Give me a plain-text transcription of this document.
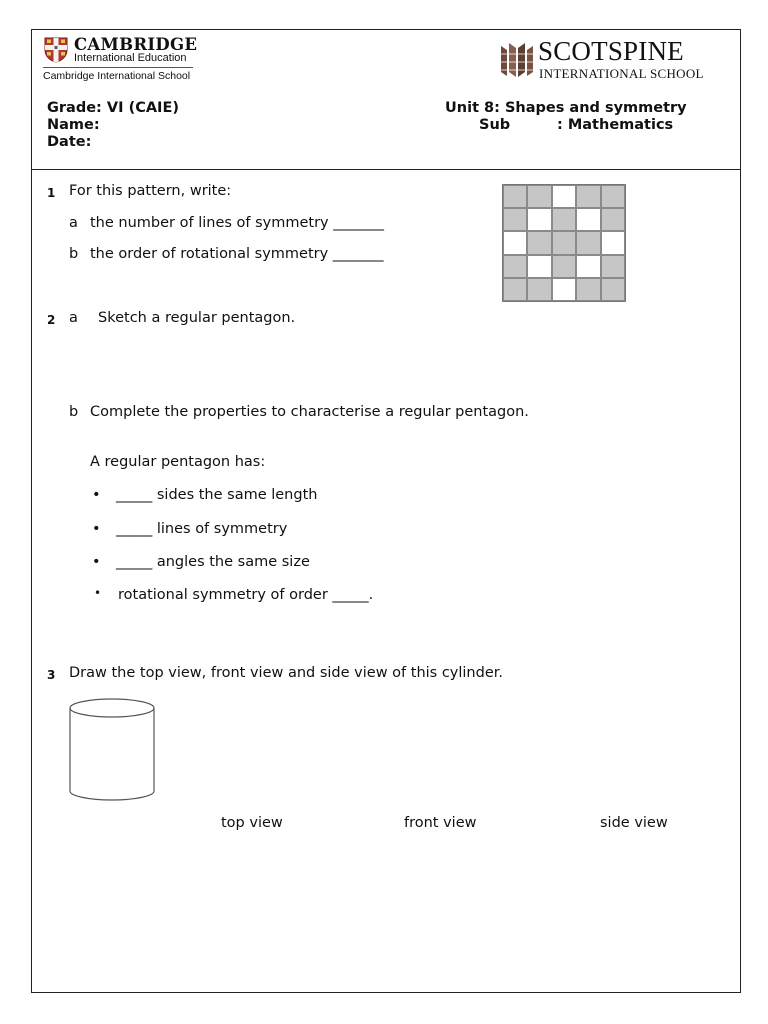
CAMBRIDGE
International Education
Cambridge International School
SCOTSPINE
INTERNATIONAL SCHOOL
Grade: VI (CAIE)
Name:
Date:
Unit 8: Shapes and symmetry
Sub	: Mathematics
1 For this pattern, write:
a the number of lines of symmetry _______
b the order of rotational symmetry _______
2 a Sketch a regular pentagon.
b Complete the properties to characterise a regular pentagon.
A regular pentagon has:
• _____ sides the same length
• _____ lines of symmetry
• _____ angles the same size
• rotational symmetry of order _____.
3 Draw the top view, front view and side view of this cylinder.
top view	front view	side view
